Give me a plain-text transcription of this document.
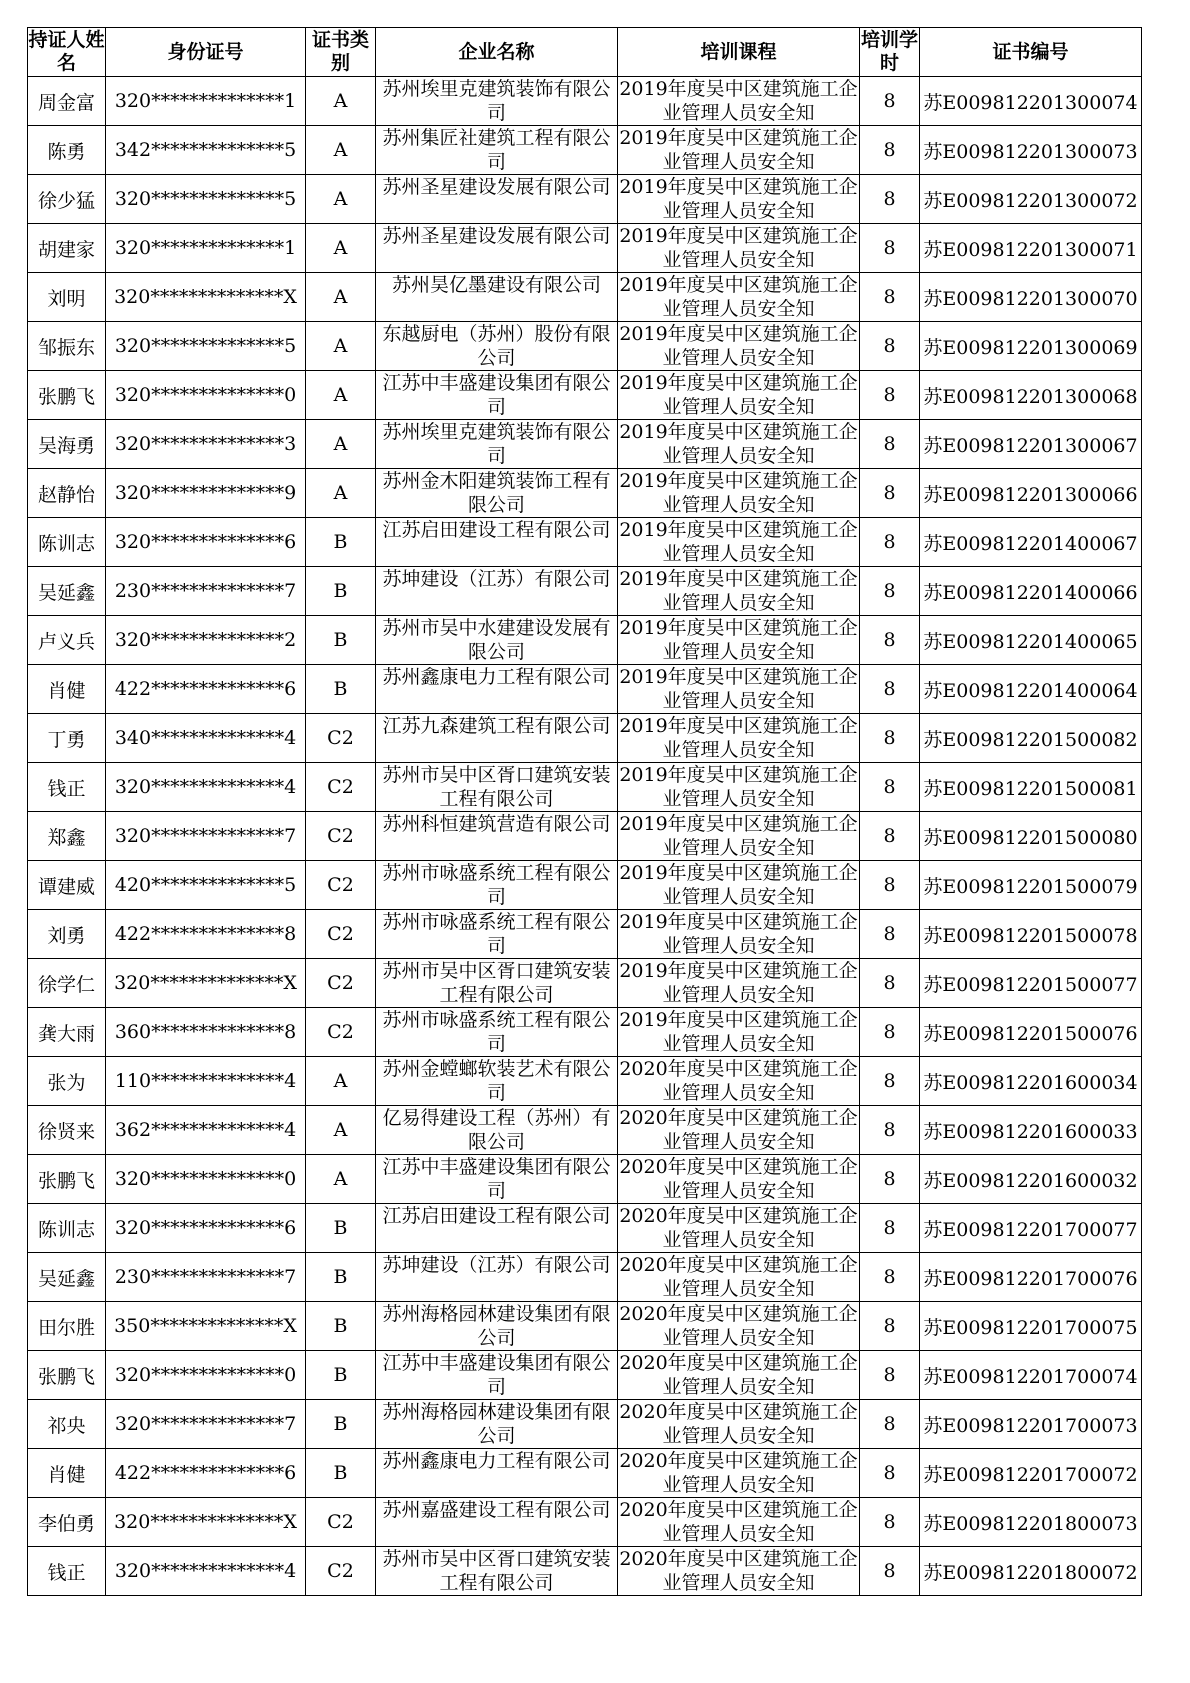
持证人姓名	身份证号	证书类别	企业名称	培训课程	培训学时	证书编号
周金富	320**************1	A	苏州埃里克建筑装饰有限公司	2019年度吴中区建筑施工企业管理人员安全知	8	苏E009812201300074
陈勇	342**************5	A	苏州集匠社建筑工程有限公司	2019年度吴中区建筑施工企业管理人员安全知	8	苏E009812201300073
徐少猛	320**************5	A	苏州圣星建设发展有限公司	2019年度吴中区建筑施工企业管理人员安全知	8	苏E009812201300072
胡建家	320**************1	A	苏州圣星建设发展有限公司	2019年度吴中区建筑施工企业管理人员安全知	8	苏E009812201300071
刘明	320**************X	A	苏州昊亿墨建设有限公司	2019年度吴中区建筑施工企业管理人员安全知	8	苏E009812201300070
邹振东	320**************5	A	东越厨电（苏州）股份有限公司	2019年度吴中区建筑施工企业管理人员安全知	8	苏E009812201300069
张鹏飞	320**************0	A	江苏中丰盛建设集团有限公司	2019年度吴中区建筑施工企业管理人员安全知	8	苏E009812201300068
吴海勇	320**************3	A	苏州埃里克建筑装饰有限公司	2019年度吴中区建筑施工企业管理人员安全知	8	苏E009812201300067
赵静怡	320**************9	A	苏州金木阳建筑装饰工程有限公司	2019年度吴中区建筑施工企业管理人员安全知	8	苏E009812201300066
陈训志	320**************6	B	江苏启田建设工程有限公司	2019年度吴中区建筑施工企业管理人员安全知	8	苏E009812201400067
吴延鑫	230**************7	B	苏坤建设（江苏）有限公司	2019年度吴中区建筑施工企业管理人员安全知	8	苏E009812201400066
卢义兵	320**************2	B	苏州市吴中水建建设发展有限公司	2019年度吴中区建筑施工企业管理人员安全知	8	苏E009812201400065
肖健	422**************6	B	苏州鑫康电力工程有限公司	2019年度吴中区建筑施工企业管理人员安全知	8	苏E009812201400064
丁勇	340**************4	C2	江苏九森建筑工程有限公司	2019年度吴中区建筑施工企业管理人员安全知	8	苏E009812201500082
钱正	320**************4	C2	苏州市吴中区胥口建筑安装工程有限公司	2019年度吴中区建筑施工企业管理人员安全知	8	苏E009812201500081
郑鑫	320**************7	C2	苏州科恒建筑营造有限公司	2019年度吴中区建筑施工企业管理人员安全知	8	苏E009812201500080
谭建威	420**************5	C2	苏州市咏盛系统工程有限公司	2019年度吴中区建筑施工企业管理人员安全知	8	苏E009812201500079
刘勇	422**************8	C2	苏州市咏盛系统工程有限公司	2019年度吴中区建筑施工企业管理人员安全知	8	苏E009812201500078
徐学仁	320**************X	C2	苏州市吴中区胥口建筑安装工程有限公司	2019年度吴中区建筑施工企业管理人员安全知	8	苏E009812201500077
龚大雨	360**************8	C2	苏州市咏盛系统工程有限公司	2019年度吴中区建筑施工企业管理人员安全知	8	苏E009812201500076
张为	110**************4	A	苏州金螳螂软装艺术有限公司	2020年度吴中区建筑施工企业管理人员安全知	8	苏E009812201600034
徐贤来	362**************4	A	亿易得建设工程（苏州）有限公司	2020年度吴中区建筑施工企业管理人员安全知	8	苏E009812201600033
张鹏飞	320**************0	A	江苏中丰盛建设集团有限公司	2020年度吴中区建筑施工企业管理人员安全知	8	苏E009812201600032
陈训志	320**************6	B	江苏启田建设工程有限公司	2020年度吴中区建筑施工企业管理人员安全知	8	苏E009812201700077
吴延鑫	230**************7	B	苏坤建设（江苏）有限公司	2020年度吴中区建筑施工企业管理人员安全知	8	苏E009812201700076
田尔胜	350**************X	B	苏州海格园林建设集团有限公司	2020年度吴中区建筑施工企业管理人员安全知	8	苏E009812201700075
张鹏飞	320**************0	B	江苏中丰盛建设集团有限公司	2020年度吴中区建筑施工企业管理人员安全知	8	苏E009812201700074
祁央	320**************7	B	苏州海格园林建设集团有限公司	2020年度吴中区建筑施工企业管理人员安全知	8	苏E009812201700073
肖健	422**************6	B	苏州鑫康电力工程有限公司	2020年度吴中区建筑施工企业管理人员安全知	8	苏E009812201700072
李伯勇	320**************X	C2	苏州嘉盛建设工程有限公司	2020年度吴中区建筑施工企业管理人员安全知	8	苏E009812201800073
钱正	320**************4	C2	苏州市吴中区胥口建筑安装工程有限公司	2020年度吴中区建筑施工企业管理人员安全知	8	苏E009812201800072
